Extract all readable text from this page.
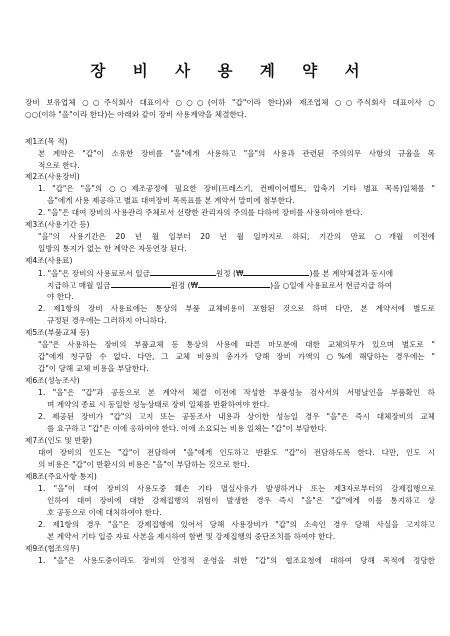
장 비 사 용 계 약 서
장비 보유업체 ○○주식회사 대표이사 ○○○(이하 "갑"이라 한다)와 제조업체 ○○주식회사 대표이사 ○
○○(이하 "을"이라 한다)는 아래와 같이 장비 사용계약을 체결한다.
제1조(목 적)
본 계약은 "갑"이 소유한 장비를 "을"에게 사용하고 "을"의 사용과 관련된 주의의무 사항의 규율을 목
적으로 한다.
제2조(사용장비)
1. "갑"은 "을"의 ○○제조공정에 필요한 장비(프레스기, 컨베이어벨트, 압축기 기타 별표 목록)일체를 "
을"에게 사용 제공하고 별표 대여장비 목록표를 본 계약서 말미에 첨부한다.
2. "을"은 대여 장비의 사용관리 주체로서 선량한 관리자의 주의를 다하여 장비를 사용하여야 한다.
제3조(사용기간 등)
"을"의 사용기간은 20 년 월 일부터 20 년 월 일까지로 하되, 기간의 만료 ○개월 이전에
일방의 통지가 없는 한 계약은 자동연장 된다.
제4조(사용료)
1. "을"은 장비의 사용료로서 일금	원정 (₩	)를 본 계약체결과 동시에
지급하고 매월 일금	원정 (₩	)을 ○일에 사용료로서 현금지급 하여
야 한다.
2. 제1항의 장비 사용료에는 통상의 부품 교체비용이 포함된 것으로 하며 다만, 본 계약서에 별도로
규정된 경우에는 그러하지 아니하다.
제5조(부품교체 등)
"을"은 사용하는 장비의 부품교체 등 통상의 사용에 따른 마모분에 대한 교체의무가 있으며 별도로 "
갑"에게 청구할 수 없다. 다만, 그 교체 비용의 총가가 당해 장비 가액의 ○%에 해당하는 경우에는 "
갑"이 당해 교체 비용을 부담한다.
제6조(성능조사)
1. "을"은 "갑"과 공동으로 본 계약서 체결 이전에 작성한 부품성능 검사서의 서명날인을 부품확인 하
며 계약의 종료 시 동일한 성능상태로 장비 일체를 반환하여야 한다.
2. 제공된 장비가 "갑"의 고지 또는 공동조사 내용과 상이한 성능일 경우 "을"은 즉시 대체장비의 교체
를 요구하고 "갑"은 이에 응하여야 한다. 이에 소요되는 비용 일체는 "갑"이 부담한다.
제7조(인도 및 반환)
대여 장비의 인도는 "갑"이 전담하여 "을"에게 인도하고 반환도 "갑"이 전담하도록 한다. 다만, 인도 시
의 비용은 "갑"이 반환시의 비용은 "을"이 부담하는 것으로 한다.
제8조(주요사항 통지)
1. "을"이 대여 장비의 사용도중 훼손 기타 멸실사유가 발생하거나 또는 제3자로부터의 강제집행으로
인하여 대여 장비에 대한 강제집행의 위험이 발생한 경우 즉시 "을"은 "갑"에게 이를 통지하고 상
호 공동으로 이에 대처하여야 한다.
2. 제1항의 경우 "을"은 강제집행에 있어서 당해 사용장비가 "갑"의 소속인 경우 당해 사실을 고지하고
본 계약서 기타 입증 자료 사본을 제시하여 함변 및 강제집행의 중단조치를 하여야 한다.
제9조(협조의무)
1. "을"은 사용도중이라도 장비의 안정적 운영을 위한 "갑"의 협조요청에 대하여 당해 목적에 정당한
